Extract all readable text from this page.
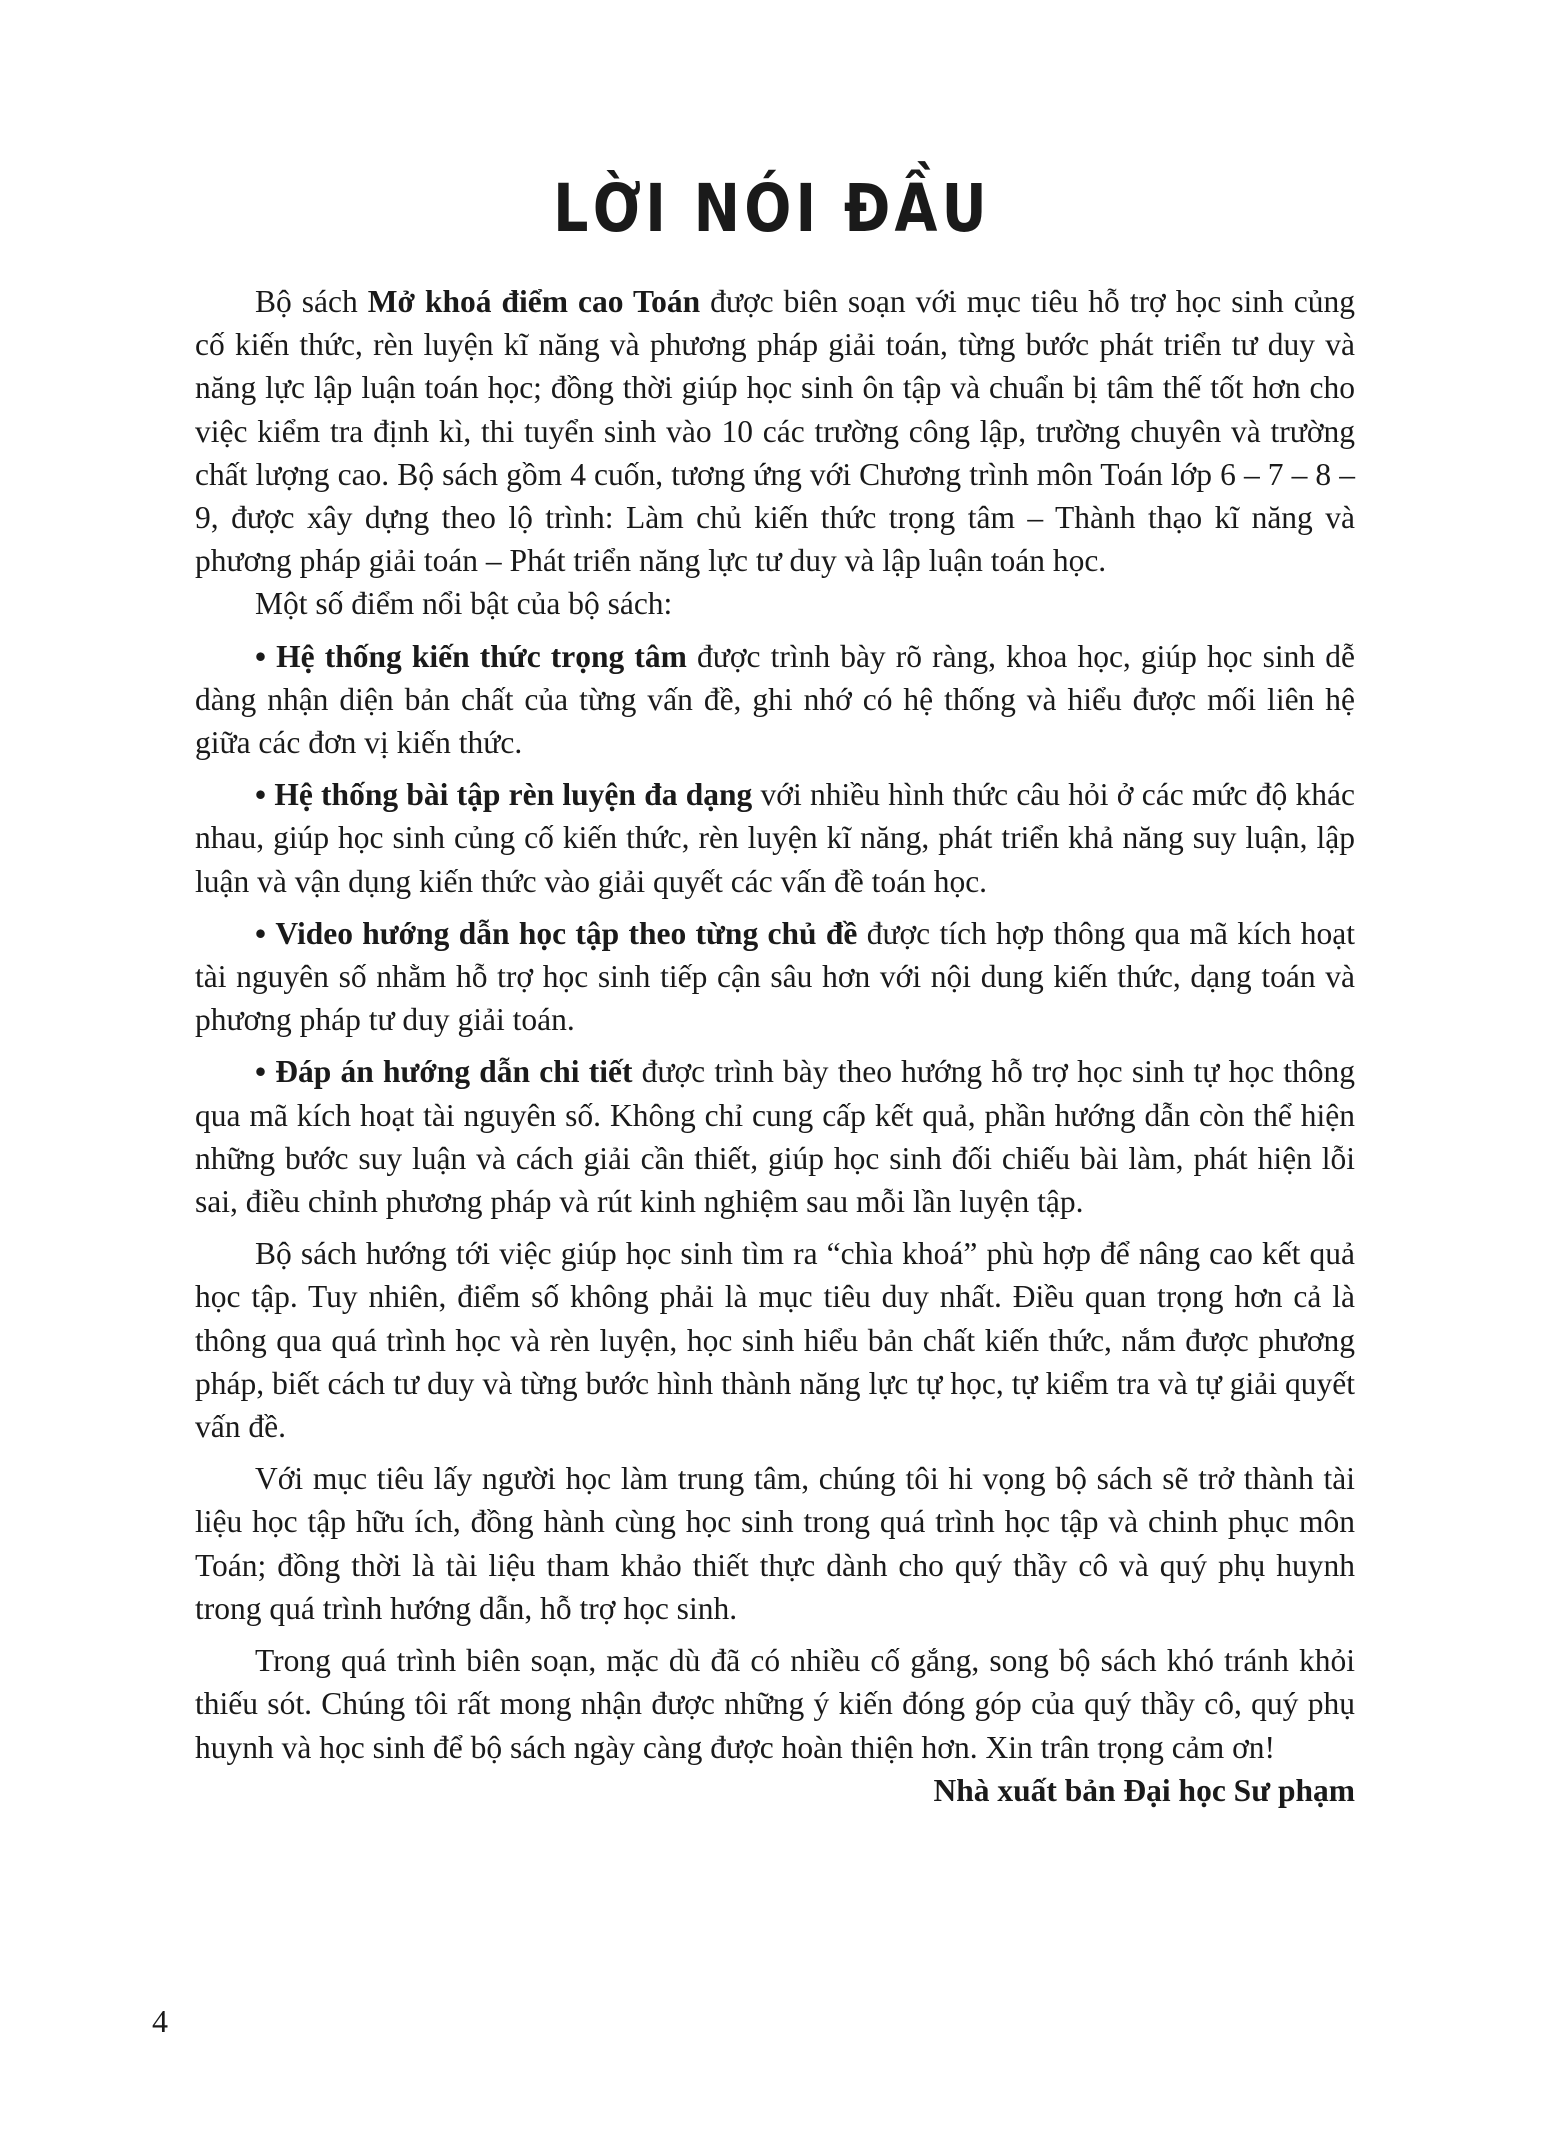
LỜI NÓI ĐẦU

Bộ sách Mở khoá điểm cao Toán được biên soạn với mục tiêu hỗ trợ học sinh củng cố kiến thức, rèn luyện kĩ năng và phương pháp giải toán, từng bước phát triển tư duy và năng lực lập luận toán học; đồng thời giúp học sinh ôn tập và chuẩn bị tâm thế tốt hơn cho việc kiểm tra định kì, thi tuyển sinh vào 10 các trường công lập, trường chuyên và trường chất lượng cao. Bộ sách gồm 4 cuốn, tương ứng với Chương trình môn Toán lớp 6 – 7 – 8 – 9, được xây dựng theo lộ trình: Làm chủ kiến thức trọng tâm – Thành thạo kĩ năng và phương pháp giải toán – Phát triển năng lực tư duy và lập luận toán học.

Một số điểm nổi bật của bộ sách:

• Hệ thống kiến thức trọng tâm được trình bày rõ ràng, khoa học, giúp học sinh dễ dàng nhận diện bản chất của từng vấn đề, ghi nhớ có hệ thống và hiểu được mối liên hệ giữa các đơn vị kiến thức.

• Hệ thống bài tập rèn luyện đa dạng với nhiều hình thức câu hỏi ở các mức độ khác nhau, giúp học sinh củng cố kiến thức, rèn luyện kĩ năng, phát triển khả năng suy luận, lập luận và vận dụng kiến thức vào giải quyết các vấn đề toán học.

• Video hướng dẫn học tập theo từng chủ đề được tích hợp thông qua mã kích hoạt tài nguyên số nhằm hỗ trợ học sinh tiếp cận sâu hơn với nội dung kiến thức, dạng toán và phương pháp tư duy giải toán.

• Đáp án hướng dẫn chi tiết được trình bày theo hướng hỗ trợ học sinh tự học thông qua mã kích hoạt tài nguyên số. Không chỉ cung cấp kết quả, phần hướng dẫn còn thể hiện những bước suy luận và cách giải cần thiết, giúp học sinh đối chiếu bài làm, phát hiện lỗi sai, điều chỉnh phương pháp và rút kinh nghiệm sau mỗi lần luyện tập.

Bộ sách hướng tới việc giúp học sinh tìm ra “chìa khoá” phù hợp để nâng cao kết quả học tập. Tuy nhiên, điểm số không phải là mục tiêu duy nhất. Điều quan trọng hơn cả là thông qua quá trình học và rèn luyện, học sinh hiểu bản chất kiến thức, nắm được phương pháp, biết cách tư duy và từng bước hình thành năng lực tự học, tự kiểm tra và tự giải quyết vấn đề.

Với mục tiêu lấy người học làm trung tâm, chúng tôi hi vọng bộ sách sẽ trở thành tài liệu học tập hữu ích, đồng hành cùng học sinh trong quá trình học tập và chinh phục môn Toán; đồng thời là tài liệu tham khảo thiết thực dành cho quý thầy cô và quý phụ huynh trong quá trình hướng dẫn, hỗ trợ học sinh.

Trong quá trình biên soạn, mặc dù đã có nhiều cố gắng, song bộ sách khó tránh khỏi thiếu sót. Chúng tôi rất mong nhận được những ý kiến đóng góp của quý thầy cô, quý phụ huynh và học sinh để bộ sách ngày càng được hoàn thiện hơn. Xin trân trọng cảm ơn!

Nhà xuất bản Đại học Sư phạm

4
